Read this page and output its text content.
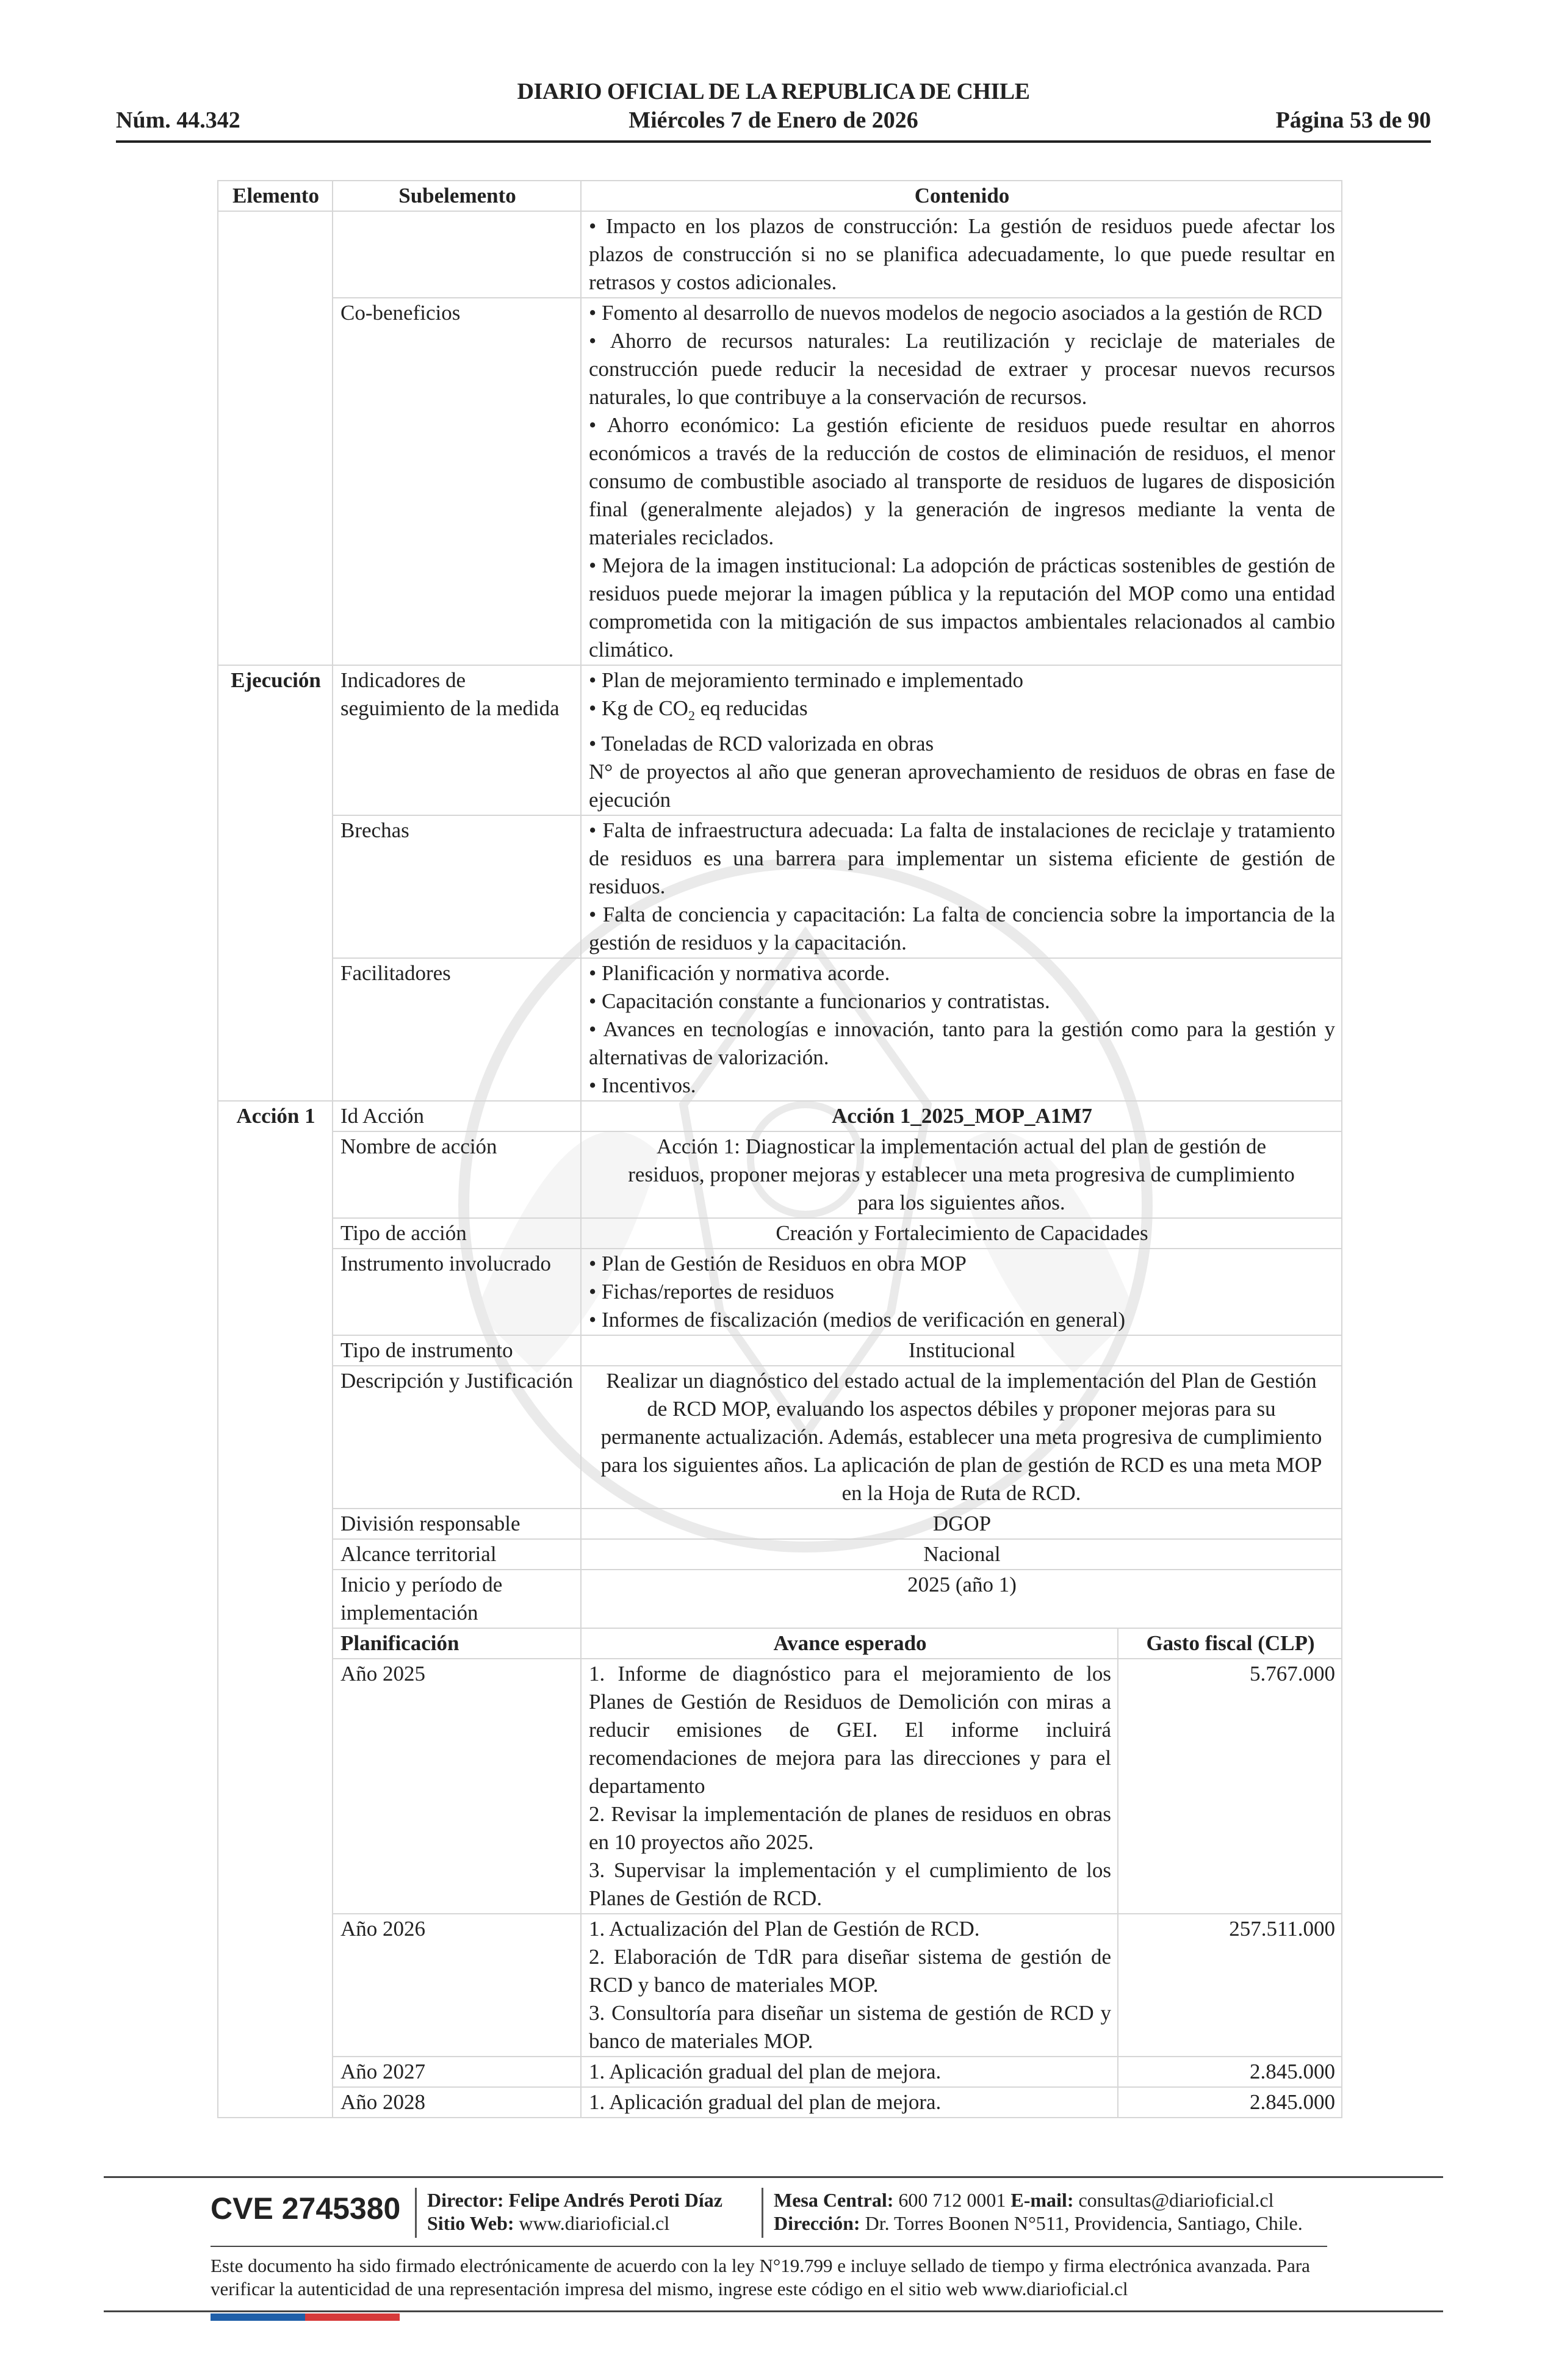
DIARIO OFICIAL DE LA REPUBLICA DE CHILE
Núm. 44.342	Miércoles 7 de Enero de 2026	Página 53 de 90
Elemento	Subelemento	Contenido	
		• Impacto en los plazos de construcción: La gestión de residuos puede afectar los plazos de construcción si no se planifica adecuadamente, lo que puede resultar en retrasos y costos adicionales.	
	Co-beneficios	• Fomento al desarrollo de nuevos modelos de negocio asociados a la gestión de RCD
• Ahorro de recursos naturales: La reutilización y reciclaje de materiales de construcción puede reducir la necesidad de extraer y procesar nuevos recursos naturales, lo que contribuye a la conservación de recursos.
• Ahorro económico: La gestión eficiente de residuos puede resultar en ahorros económicos a través de la reducción de costos de eliminación de residuos, el menor consumo de combustible asociado al transporte de residuos de lugares de disposición final (generalmente alejados) y la generación de ingresos mediante la venta de materiales reciclados.
• Mejora de la imagen institucional: La adopción de prácticas sostenibles de gestión de residuos puede mejorar la imagen pública y la reputación del MOP como una entidad comprometida con la mitigación de sus impactos ambientales relacionados al cambio climático.	

Ejecución	Indicadores de seguimiento de la medida	• Plan de mejoramiento terminado e implementado
• Kg de $CO_2$ eq reducidas
• Toneladas de RCD valorizada en obras
N° de proyectos al año que generan aprovechamiento de residuos de obras en fase de ejecución	

	Brechas	• Falta de infraestructura adecuada: La falta de instalaciones de reciclaje y tratamiento de residuos es una barrera para implementar un sistema eficiente de gestión de residuos.
• Falta de conciencia y capacitación: La falta de conciencia sobre la importancia de la gestión de residuos y la capacitación.	

	Facilitadores	• Planificación y normativa acorde.
• Capacitación constante a funcionarios y contratistas.
• Avances en tecnologías e innovación, tanto para la gestión como para la gestión y alternativas de valorización.
• Incentivos.	

Acción 1	Id Acción	Acción 1_2025_MOP_A1M7	
	Nombre de acción	Acción 1: Diagnosticar la implementación actual del plan de gestión de residuos, proponer mejoras y establecer una meta progresiva de cumplimiento para los siguientes años.	
	Tipo de acción	Creación y Fortalecimiento de Capacidades	
	Instrumento involucrado	• Plan de Gestión de Residuos en obra MOP
• Fichas/reportes de residuos
• Informes de fiscalización (medios de verificación en general)	

	Tipo de instrumento	Institucional	
	Descripción y Justificación	Realizar un diagnóstico del estado actual de la implementación del Plan de Gestión de RCD MOP, evaluando los aspectos débiles y proponer mejoras para su permanente actualización. Además, establecer una meta progresiva de cumplimiento para los siguientes años. La aplicación de plan de gestión de RCD es una meta MOP en la Hoja de Ruta de RCD.	
	División responsable	DGOP	
	Alcance territorial	Nacional	
	Inicio y período de implementación	2025 (año 1)	
	Planificación	Avance esperado	Gasto fiscal (CLP)
	Año 2025	1. Informe de diagnóstico para el mejoramiento de los Planes de Gestión de Residuos de Demolición con miras a reducir emisiones de GEI. El informe incluirá recomendaciones de mejora para las direcciones y para el departamento
2. Revisar la implementación de planes de residuos en obras en 10 proyectos año 2025.
3. Supervisar la implementación y el cumplimiento de los Planes de Gestión de RCD.	5.767.000
	Año 2026	1. Actualización del Plan de Gestión de RCD.
2. Elaboración de TdR para diseñar sistema de gestión de RCD y banco de materiales MOP.
3. Consultoría para diseñar un sistema de gestión de RCD y banco de materiales MOP.	257.511.000
	Año 2027	1. Aplicación gradual del plan de mejora.	2.845.000
	Año 2028	1. Aplicación gradual del plan de mejora.	2.845.000
CVE 2745380 Director: Felipe Andrés Peroti Díaz
Sitio Web: www.diarioficial.cl
Mesa Central: 600 712 0001 E-mail: consultas@diarioficial.cl
Dirección: Dr. Torres Boonen N°511, Providencia, Santiago, Chile.
Este documento ha sido firmado electrónicamente de acuerdo con la ley N°19.799 e incluye sellado de tiempo y firma electrónica avanzada. Para verificar la autenticidad de una representación impresa del mismo, ingrese este código en el sitio web www.diarioficial.cl
